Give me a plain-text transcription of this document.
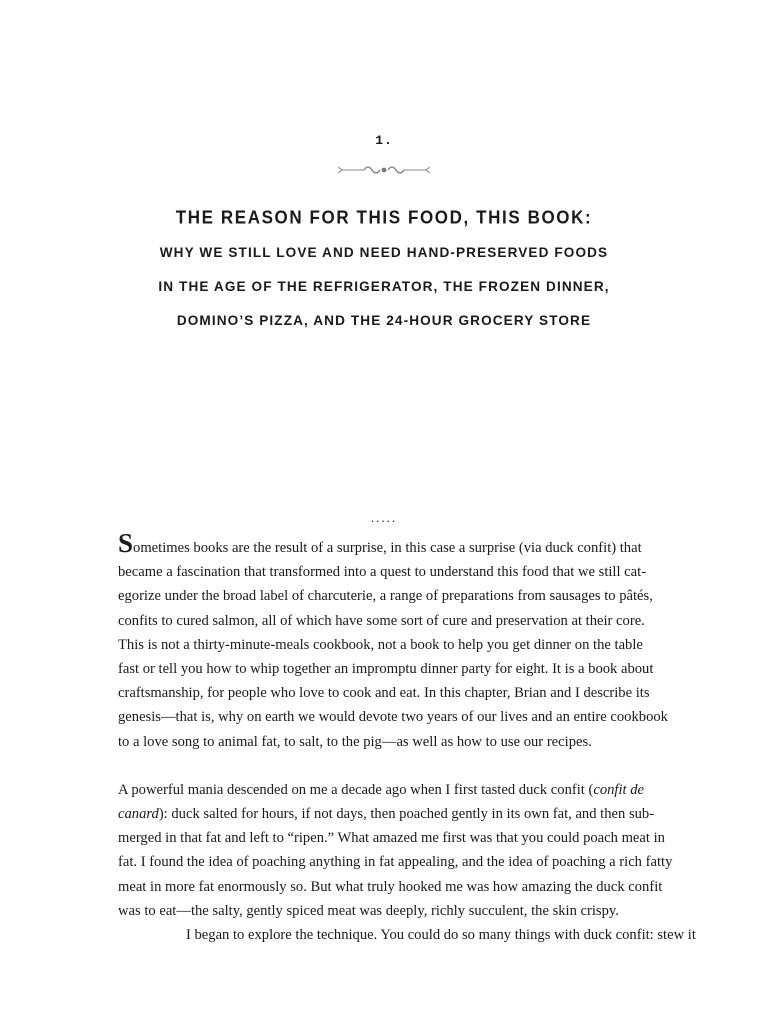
1.
THE REASON FOR THIS FOOD, THIS BOOK:
WHY WE STILL LOVE AND NEED HAND-PRESERVED FOODS
IN THE AGE OF THE REFRIGERATOR, THE FROZEN DINNER,
DOMINO’S PIZZA, AND THE 24-HOUR GROCERY STORE
.....

Sometimes books are the result of a surprise, in this case a surprise (via duck confit) that
became a fascination that transformed into a quest to understand this food that we still cat-
egorize under the broad label of charcuterie, a range of preparations from sausages to pâtés,
confits to cured salmon, all of which have some sort of cure and preservation at their core.
This is not a thirty-minute-meals cookbook, not a book to help you get dinner on the table
fast or tell you how to whip together an impromptu dinner party for eight. It is a book about
craftsmanship, for people who love to cook and eat. In this chapter, Brian and I describe its
genesis—that is, why on earth we would devote two years of our lives and an entire cookbook
to a love song to animal fat, to salt, to the pig—as well as how to use our recipes.

A powerful mania descended on me a decade ago when I first tasted duck confit (confit de
canard): duck salted for hours, if not days, then poached gently in its own fat, and then sub-
merged in that fat and left to “ripen.” What amazed me first was that you could poach meat in
fat. I found the idea of poaching anything in fat appealing, and the idea of poaching a rich fatty
meat in more fat enormously so. But what truly hooked me was how amazing the duck confit
was to eat—the salty, gently spiced meat was deeply, richly succulent, the skin crispy.

I began to explore the technique. You could do so many things with duck confit: stew it
